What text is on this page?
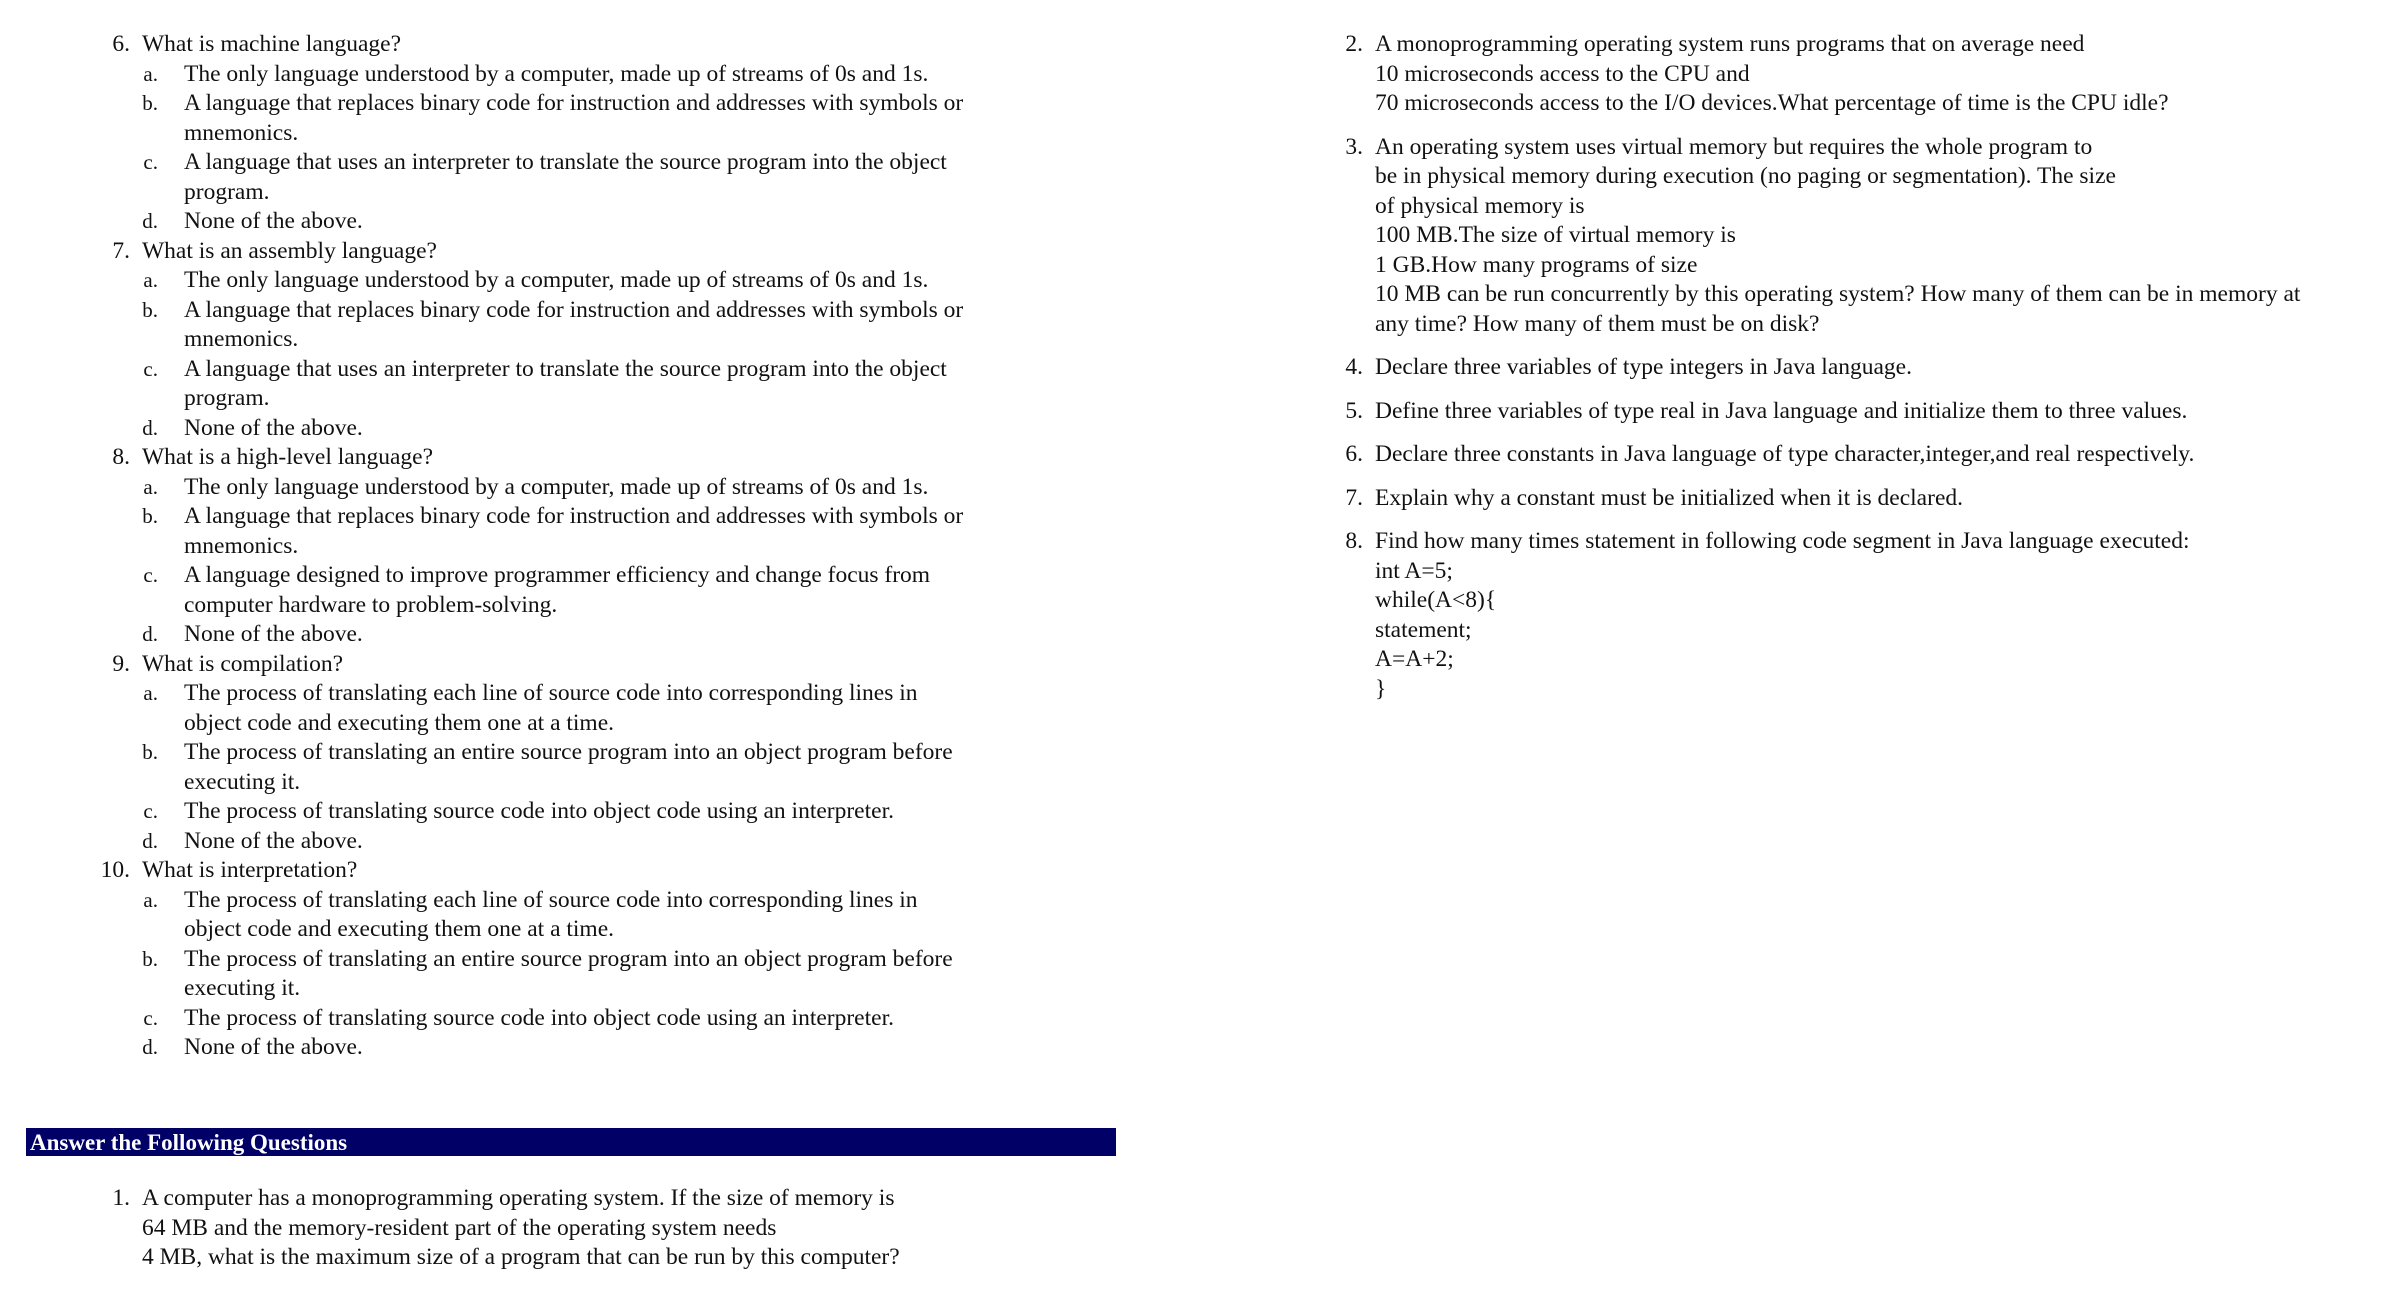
6. What is machine language?
a. The only language understood by a computer, made up of streams of 0s and 1s.
b. A language that replaces binary code for instruction and addresses with symbols or
mnemonics.
c. A language that uses an interpreter to translate the source program into the object
program.
d. None of the above.
7. What is an assembly language?
a. The only language understood by a computer, made up of streams of 0s and 1s.
b. A language that replaces binary code for instruction and addresses with symbols or
mnemonics.
c. A language that uses an interpreter to translate the source program into the object
program.
d. None of the above.
8. What is a high-level language?
a. The only language understood by a computer, made up of streams of 0s and 1s.
b. A language that replaces binary code for instruction and addresses with symbols or
mnemonics.
c. A language designed to improve programmer efficiency and change focus from
computer hardware to problem-solving.
d. None of the above.
9. What is compilation?
a. The process of translating each line of source code into corresponding lines in
object code and executing them one at a time.
b. The process of translating an entire source program into an object program before
executing it.
c. The process of translating source code into object code using an interpreter.
d. None of the above.
10. What is interpretation?
a. The process of translating each line of source code into corresponding lines in
object code and executing them one at a time.
b. The process of translating an entire source program into an object program before
executing it.
c. The process of translating source code into object code using an interpreter.
d. None of the above.
Answer the Following Questions
1. A computer has a monoprogramming operating system. If the size of memory is
64 MB and the memory-resident part of the operating system needs
4 MB, what is the maximum size of a program that can be run by this computer?
2. A monoprogramming operating system runs programs that on average need
10 microseconds access to the CPU and
70 microseconds access to the I/O devices.What percentage of time is the CPU idle?
3. An operating system uses virtual memory but requires the whole program to
be in physical memory during execution (no paging or segmentation). The size
of physical memory is
100 MB.The size of virtual memory is
1 GB.How many programs of size
10 MB can be run concurrently by this operating system? How many of them can be in memory at
any time? How many of them must be on disk?
4. Declare three variables of type integers in Java language.
5. Define three variables of type real in Java language and initialize them to three values.
6. Declare three constants in Java language of type character,integer,and real respectively.
7. Explain why a constant must be initialized when it is declared.
8. Find how many times statement in following code segment in Java language executed:
int A=5;
while(A<8){
statement;
A=A+2;
}
